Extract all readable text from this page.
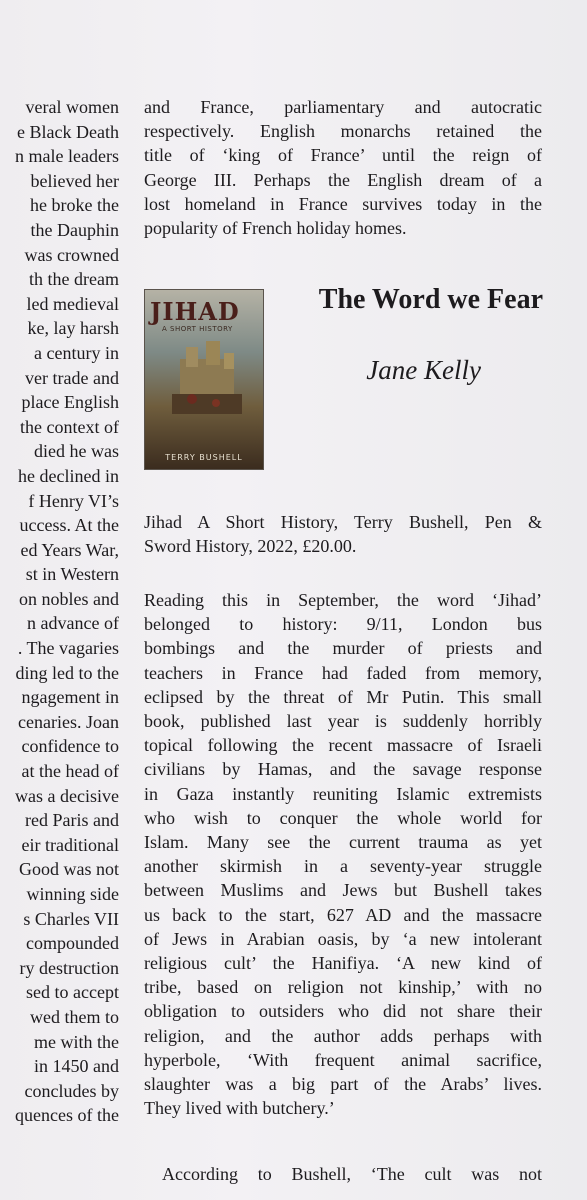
veral women
e Black Death
n male leaders
believed her
he broke the
the Dauphin
was crowned
th the dream
led medieval
ke, lay harsh
a century in
ver trade and
place English
the context of
died he was
he declined in
f Henry VI’s
uccess. At the
ed Years War,
st in Western
on nobles and
n advance of
. The vagaries
ding led to the
ngagement in
cenaries. Joan
confidence to
at the head of
was a decisive
red Paris and
eir traditional
Good was not
winning side
s Charles VII
compounded
ry destruction
sed to accept
wed them to
me with the
in 1450 and
concludes by
quences of the
and France, parliamentary and autocratic
respectively. English monarchs retained the
title of ‘king of France’ until the reign of
George III. Perhaps the English dream of a
lost homeland in France survives today in the
popularity of French holiday homes.
JIHAD
A SHORT HISTORY
TERRY BUSHELL
The Word we Fear
Jane Kelly
Jihad A Short History, Terry Bushell, Pen &
Sword History, 2022, £20.00.
Reading this in September, the word ‘Jihad’
belonged to history: 9/11, London bus
bombings and the murder of priests and
teachers in France had faded from memory,
eclipsed by the threat of Mr Putin. This small
book, published last year is suddenly horribly
topical following the recent massacre of Israeli
civilians by Hamas, and the savage response
in Gaza instantly reuniting Islamic extremists
who wish to conquer the whole world for
Islam. Many see the current trauma as yet
another skirmish in a seventy-year struggle
between Muslims and Jews but Bushell takes
us back to the start, 627 AD and the massacre
of Jews in Arabian oasis, by ‘a new intolerant
religious cult’ the Hanifiya. ‘A new kind of
tribe, based on religion not kinship,’ with no
obligation to outsiders who did not share their
religion, and the author adds perhaps with
hyperbole, ‘With frequent animal sacrifice,
slaughter was a big part of the Arabs’ lives.
They lived with butchery.’
According to Bushell, ‘The cult was not
